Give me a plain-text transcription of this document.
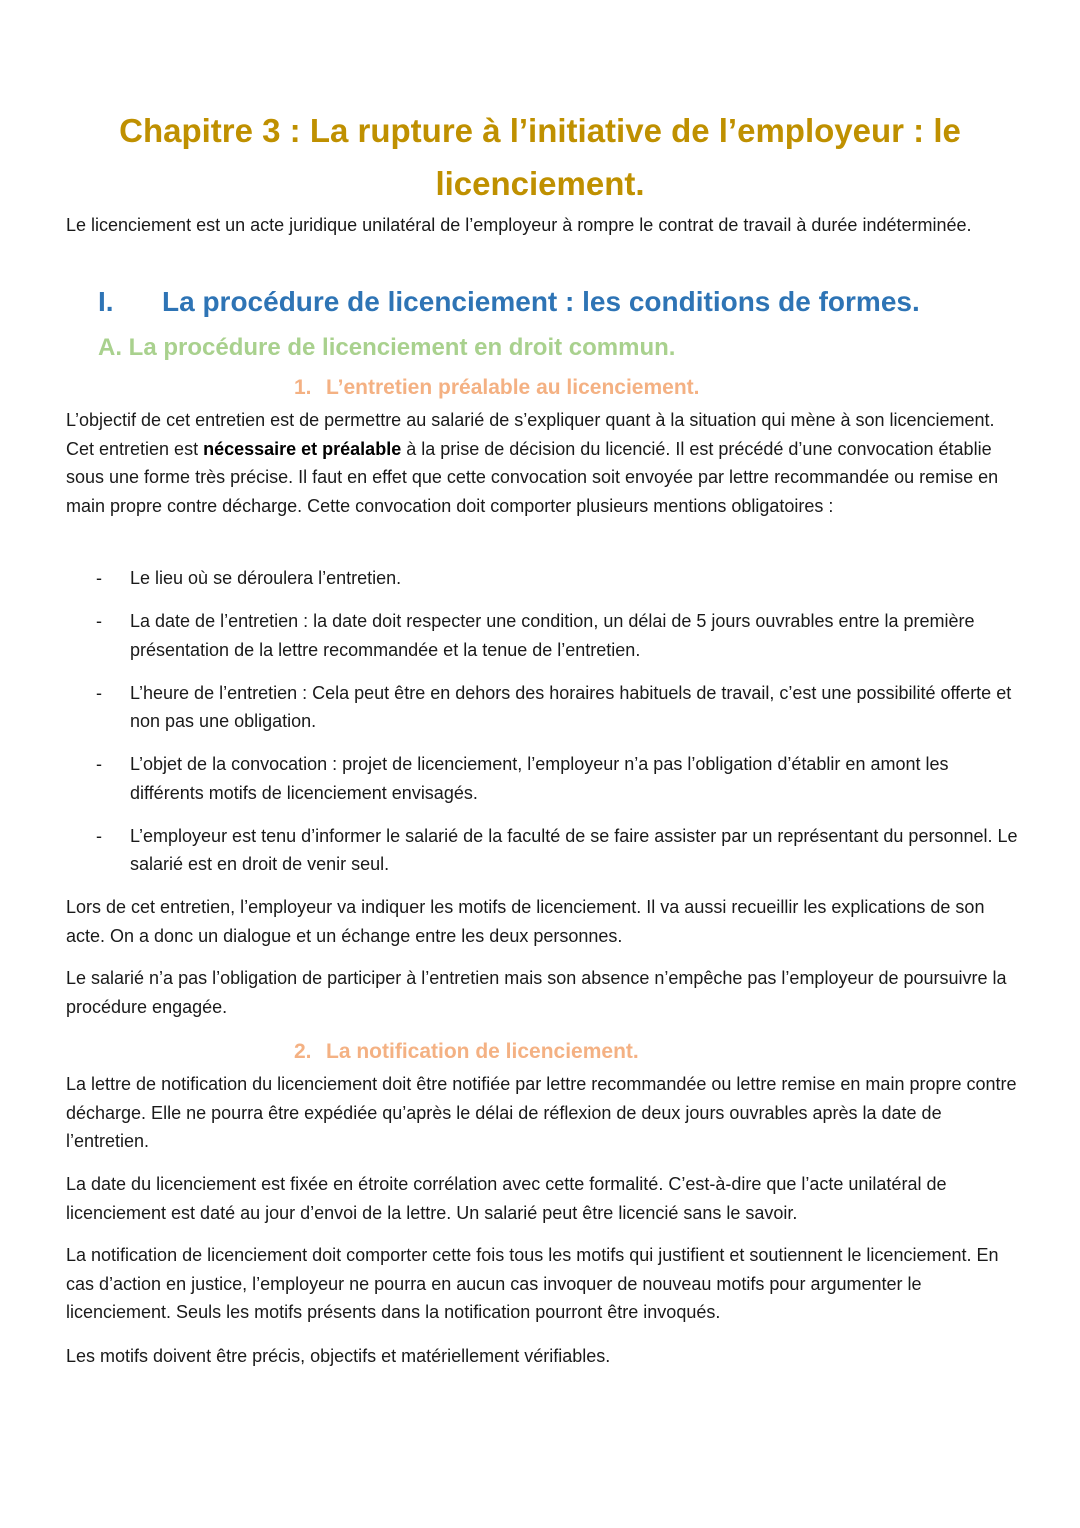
Chapitre 3 : La rupture à l’initiative de l’employeur : le
licenciement.

Le licenciement est un acte juridique unilatéral de l’employeur à rompre le contrat de travail à durée indéterminée.

I. La procédure de licenciement : les conditions de formes.
A. La procédure de licenciement en droit commun.
1. L’entretien préalable au licenciement.

L’objectif de cet entretien est de permettre au salarié de s’expliquer quant à la situation qui mène à son licenciement. Cet entretien est nécessaire et préalable à la prise de décision du licencié. Il est précédé d’une convocation établie sous une forme très précise. Il faut en effet que cette convocation soit envoyée par lettre recommandée ou remise en main propre contre décharge. Cette convocation doit comporter plusieurs mentions obligatoires :

- Le lieu où se déroulera l’entretien.
- La date de l’entretien : la date doit respecter une condition, un délai de 5 jours ouvrables entre la première présentation de la lettre recommandée et la tenue de l’entretien.
- L’heure de l’entretien : Cela peut être en dehors des horaires habituels de travail, c’est une possibilité offerte et non pas une obligation.
- L’objet de la convocation : projet de licenciement, l’employeur n’a pas l’obligation d’établir en amont les différents motifs de licenciement envisagés.
- L’employeur est tenu d’informer le salarié de la faculté de se faire assister par un représentant du personnel. Le salarié est en droit de venir seul.

Lors de cet entretien, l’employeur va indiquer les motifs de licenciement. Il va aussi recueillir les explications de son acte. On a donc un dialogue et un échange entre les deux personnes.

Le salarié n’a pas l’obligation de participer à l’entretien mais son absence n’empêche pas l’employeur de poursuivre la procédure engagée.

2. La notification de licenciement.

La lettre de notification du licenciement doit être notifiée par lettre recommandée ou lettre remise en main propre contre décharge. Elle ne pourra être expédiée qu’après le délai de réflexion de deux jours ouvrables après la date de l’entretien.

La date du licenciement est fixée en étroite corrélation avec cette formalité. C’est-à-dire que l’acte unilatéral de licenciement est daté au jour d’envoi de la lettre. Un salarié peut être licencié sans le savoir.

La notification de licenciement doit comporter cette fois tous les motifs qui justifient et soutiennent le licenciement. En cas d’action en justice, l’employeur ne pourra en aucun cas invoquer de nouveau motifs pour argumenter le licenciement. Seuls les motifs présents dans la notification pourront être invoqués.

Les motifs doivent être précis, objectifs et matériellement vérifiables.
